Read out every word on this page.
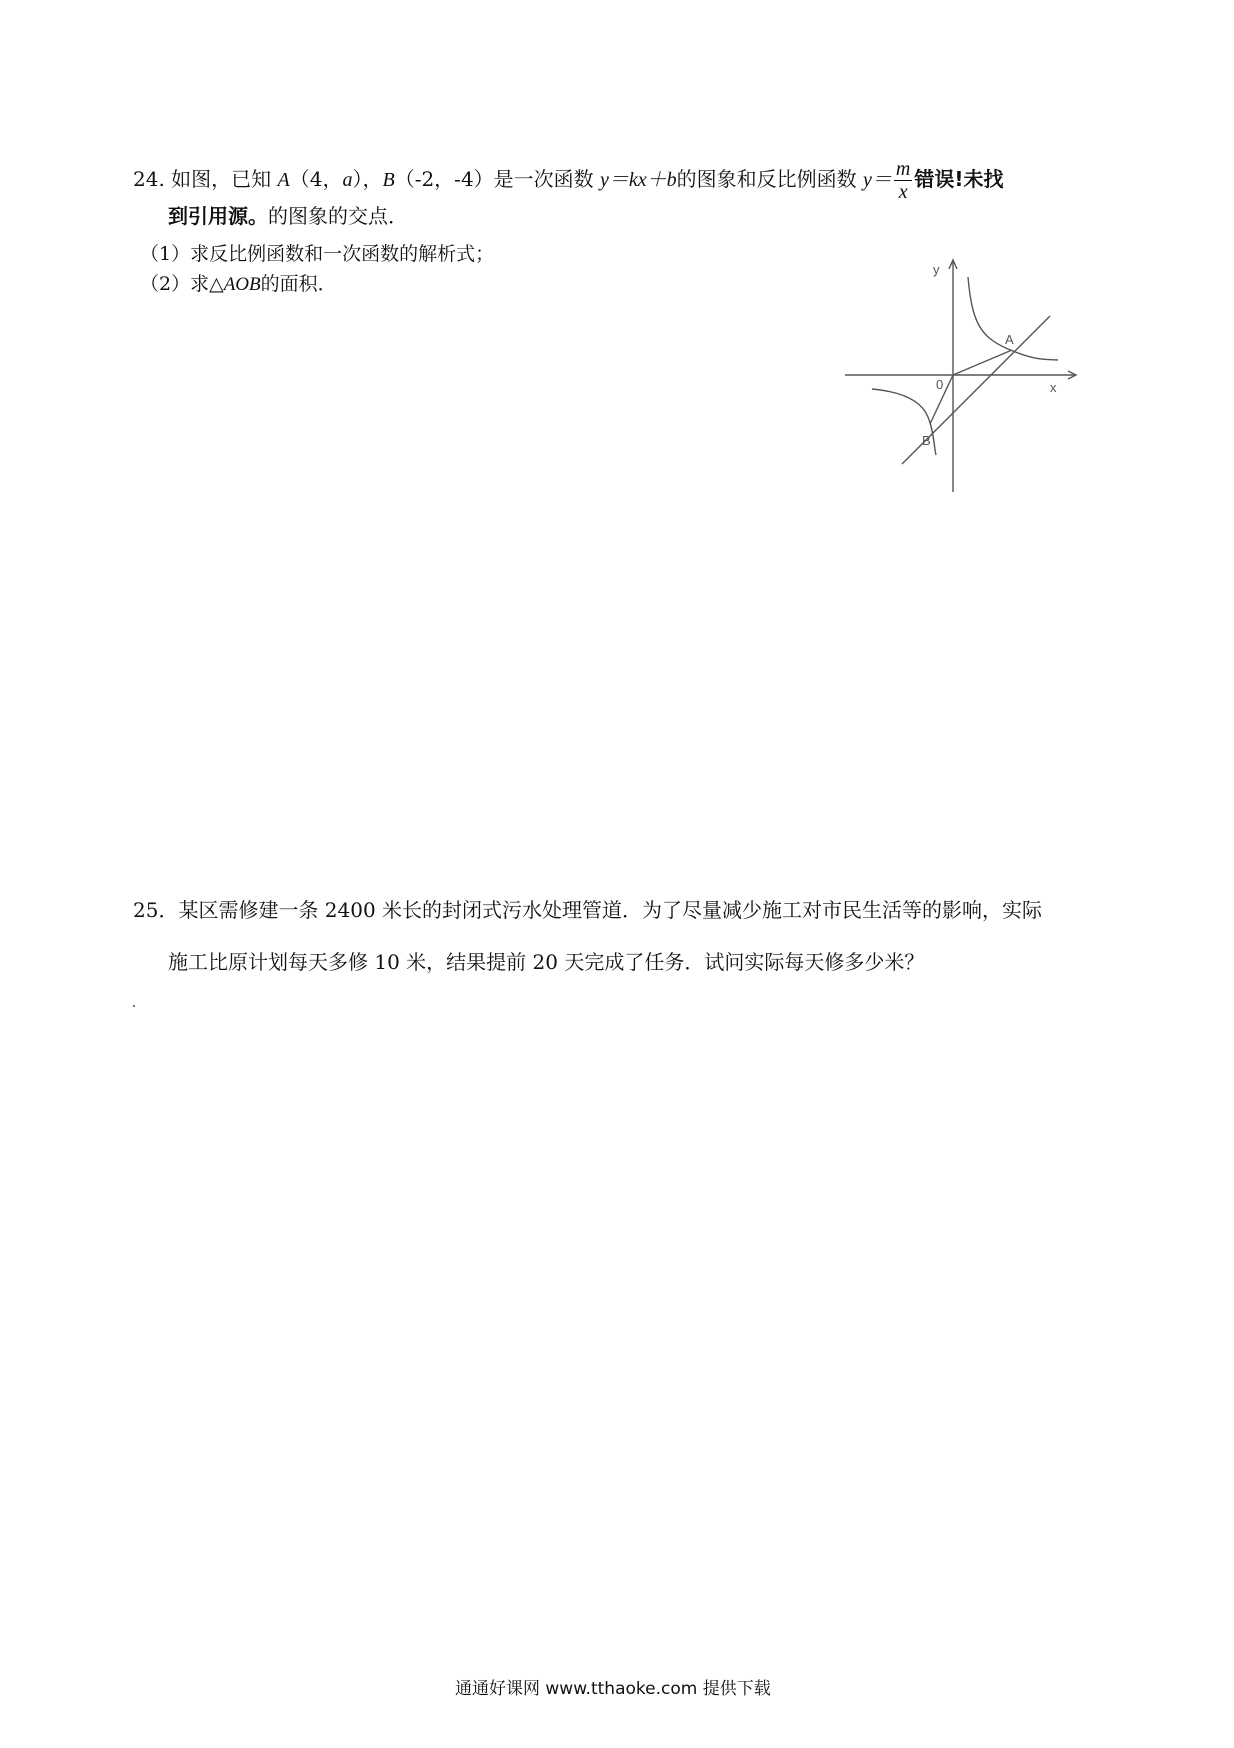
24. 如图，已知 A（4，a），B（-2，-4）是一次函数 y＝kx＋b的图象和反比例函数 $y= \frac{m}{x}$ 错误!未找
到引用源。的图象的交点．
（1）求反比例函数和一次函数的解析式；
（2）求△AOB的面积．
y
x
0
A
B
25．某区需修建一条 2400 米长的封闭式污水处理管道．为了尽量减少施工对市民生活等的影响，实际
施工比原计划每天多修 10 米，结果提前 20 天完成了任务．试问实际每天修多少米？
通通好课网 www.tthaoke.com 提供下载
